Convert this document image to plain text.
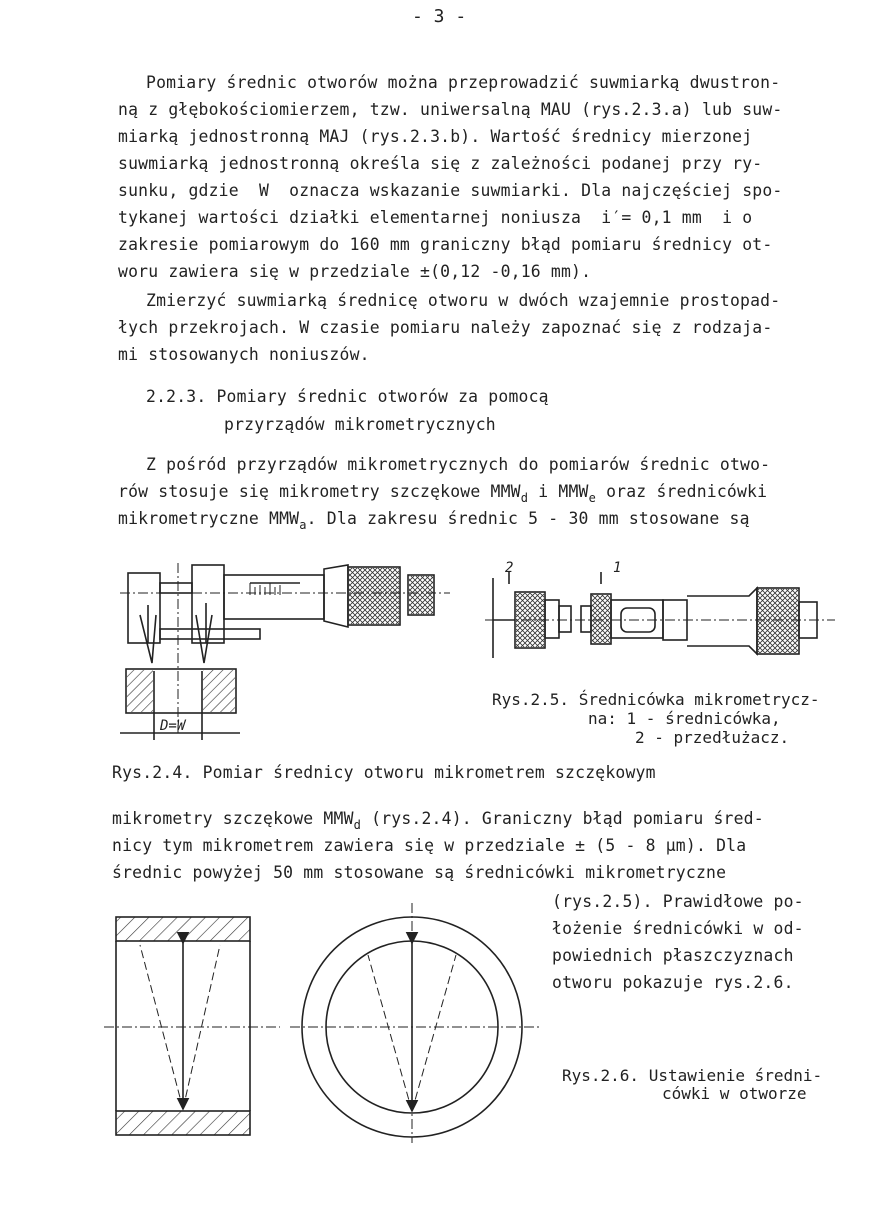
- 3 -
Pomiary średnic otworów można przeprowadzić suwmiarką dwustron-
ną z głębokościomierzem, tzw. uniwersalną MAU (rys.2.3.a) lub suw-
miarką jednostronną MAJ (rys.2.3.b). Wartość średnicy mierzonej
suwmiarką jednostronną określa się z zależności podanej przy ry-
sunku, gdzie  W  oznacza wskazanie suwmiarki. Dla najczęściej spo-
tykanej wartości działki elementarnej noniusza  i′= 0,1 mm  i o
zakresie pomiarowym do 160 mm graniczny błąd pomiaru średnicy ot-
woru zawiera się w przedziale ±(0,12 -0,16 mm).
Zmierzyć suwmiarką średnicę otworu w dwóch wzajemnie prostopad-
łych przekrojach. W czasie pomiaru należy zapoznać się z rodzaja-
mi stosowanych noniuszów.
2.2.3. Pomiary średnic otworów za pomocą
przyrządów mikrometrycznych
Z pośród przyrządów mikrometrycznych do pomiarów średnic otwo-
rów stosuje się mikrometry szczękowe $MMW_d$ i $MMW_e$ oraz średnicówki
mikrometryczne $MMW_a$. Dla zakresu średnic 5 - 30 mm stosowane są
D=W
2	1
Rys.2.5. Średnicówka mikrometrycz-
na: 1 - średnicówka,
2 - przedłużacz.
Rys.2.4. Pomiar średnicy otworu mikrometrem szczękowym
mikrometry szczękowe $MMW_d$ (rys.2.4). Graniczny błąd pomiaru śred-
nicy tym mikrometrem zawiera się w przedziale ± (5 - 8 μm). Dla
średnic powyżej 50 mm stosowane są średnicówki mikrometryczne
(rys.2.5). Prawidłowe po-
łożenie średnicówki w od-
powiednich płaszczyznach
otworu pokazuje rys.2.6.
Rys.2.6. Ustawienie średni-
cówki w otworze
